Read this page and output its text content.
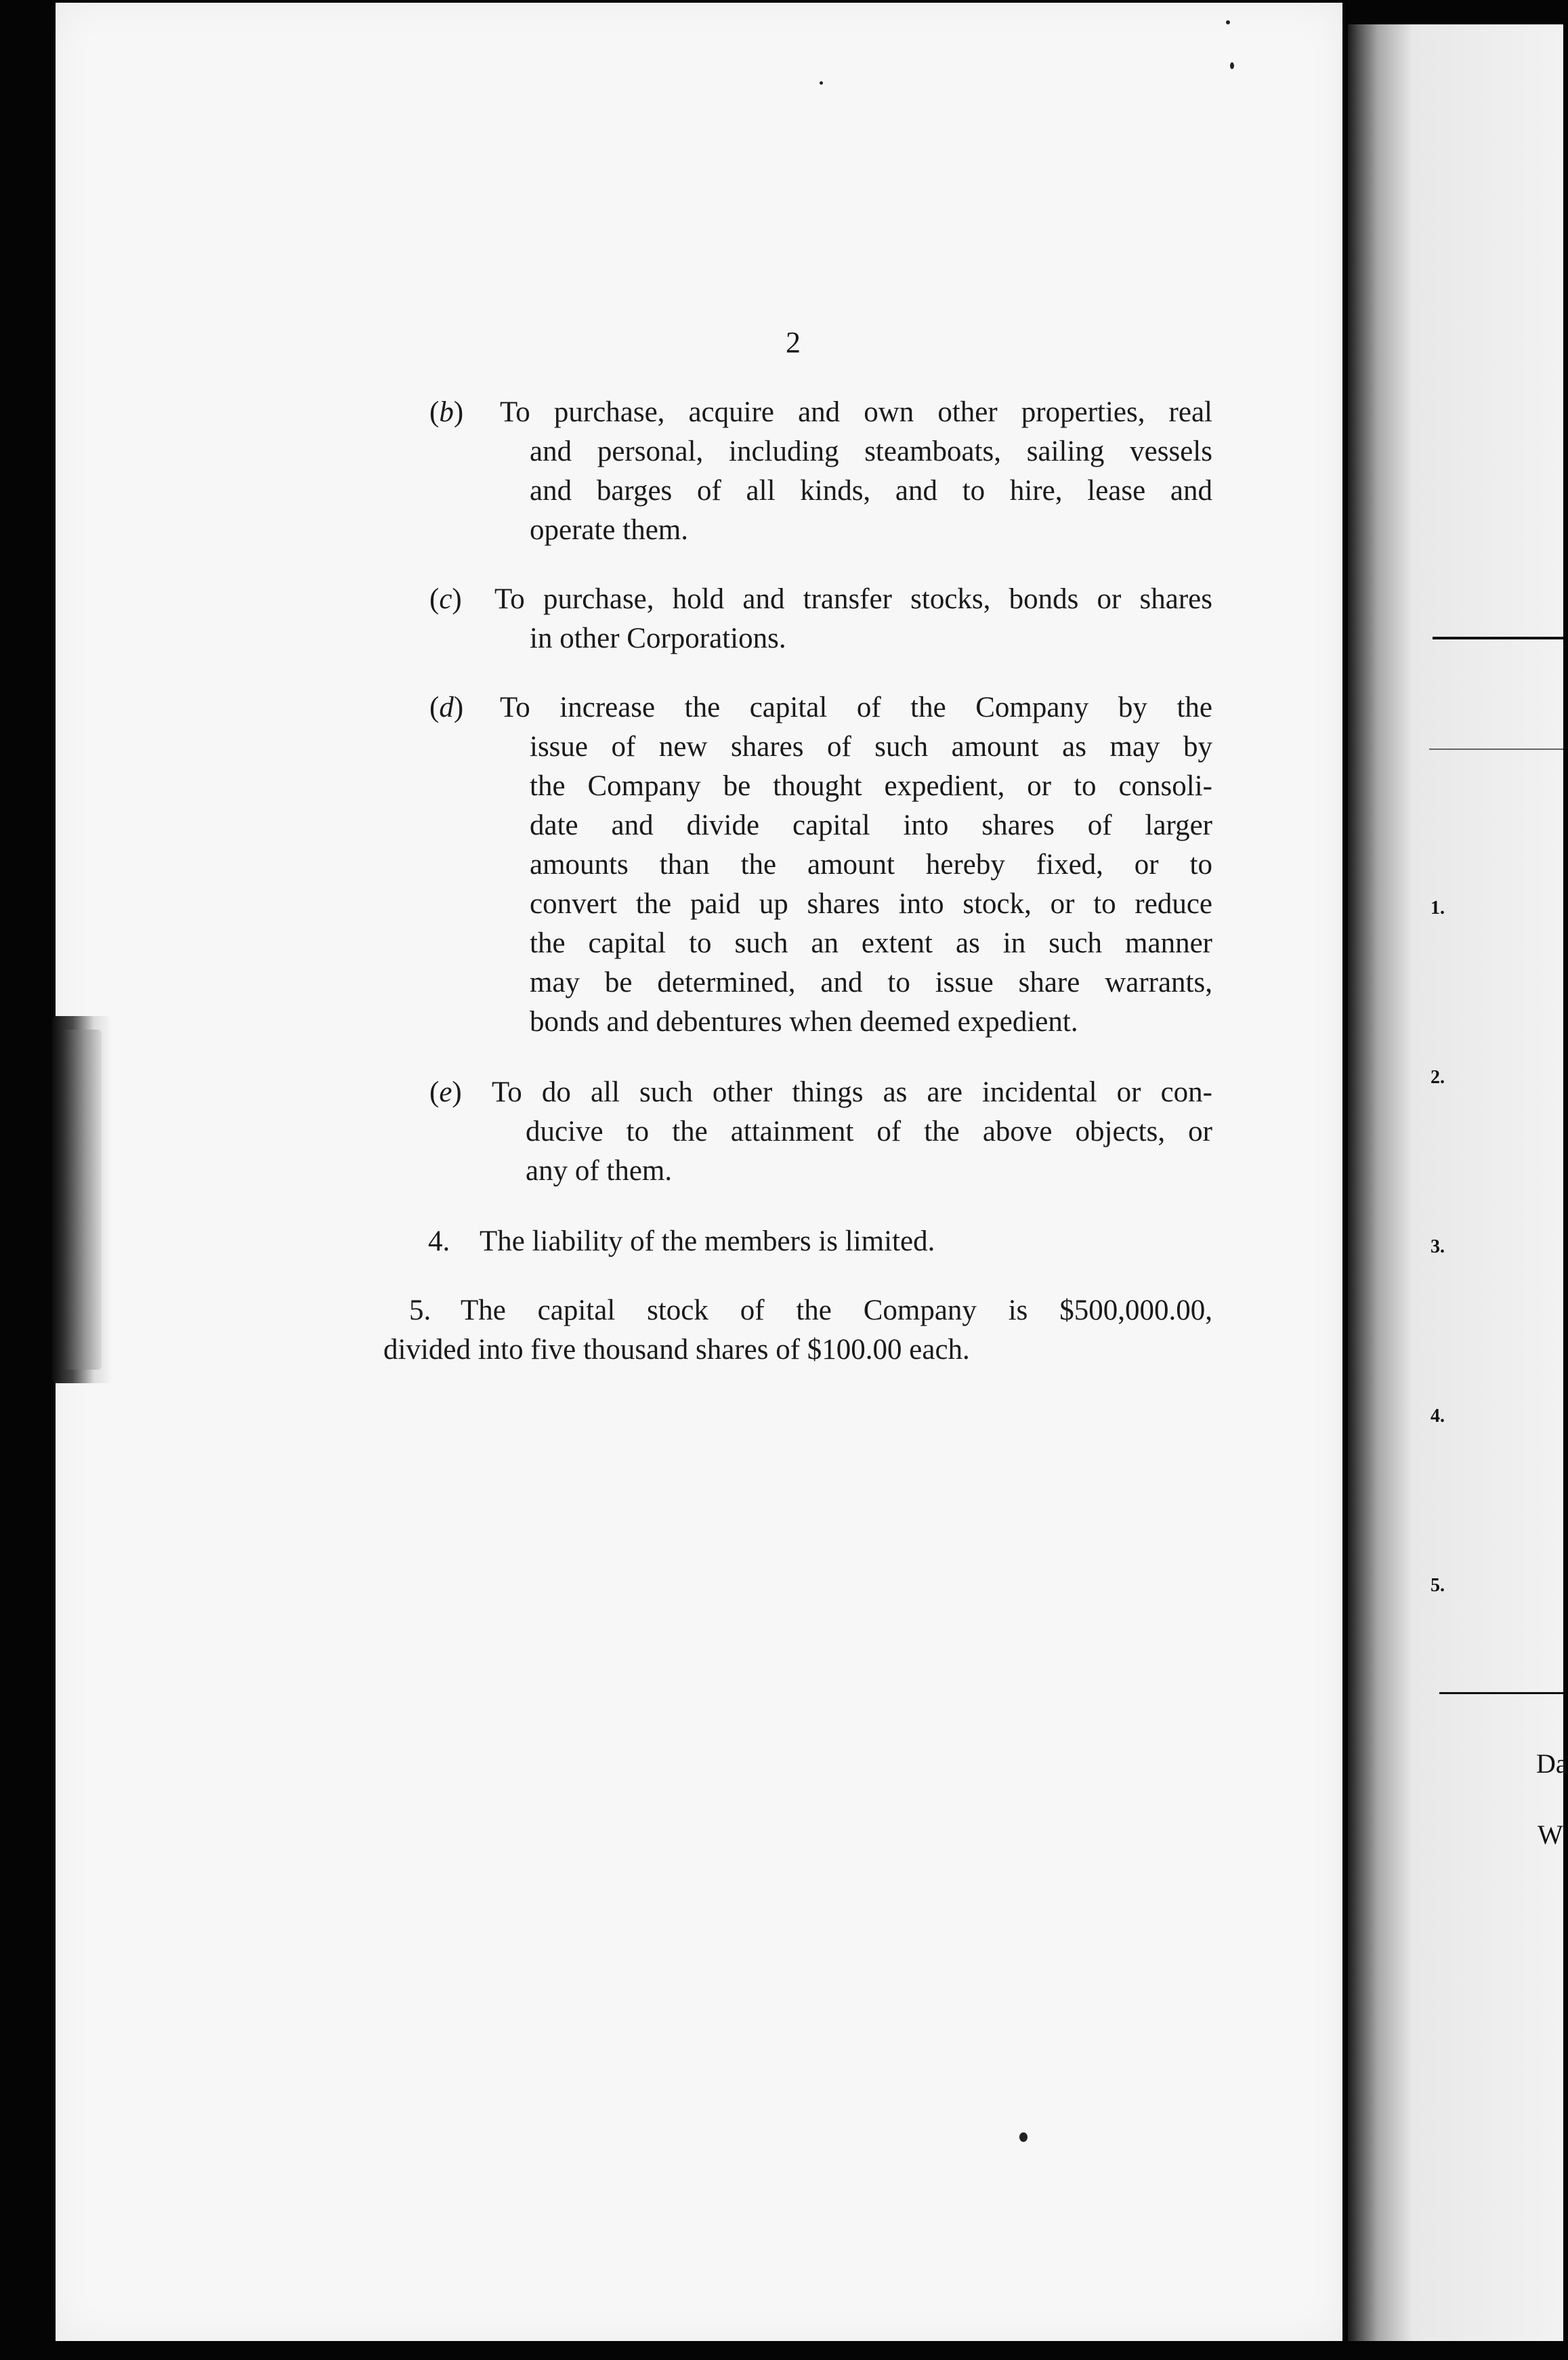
1.
2.
3.
4.
5.
Da
W
2
(b) To purchase, acquire and own other properties, real
and personal, including steamboats, sailing vessels
and barges of all kinds, and to hire, lease and
operate them.
(c) To purchase, hold and transfer stocks, bonds or shares
in other Corporations.
(d) To increase the capital of the Company by the
issue of new shares of such amount as may by
the Company be thought expedient, or to consoli-
date and divide capital into shares of larger
amounts than the amount hereby fixed, or to
convert the paid up shares into stock, or to reduce
the capital to such an extent as in such manner
may be determined, and to issue share warrants,
bonds and debentures when deemed expedient.
(e) To do all such other things as are incidental or con-
ducive to the attainment of the above objects, or
any of them.
4. The liability of the members is limited.
5. The capital stock of the Company is $500,000.00,
divided into five thousand shares of $100.00 each.
